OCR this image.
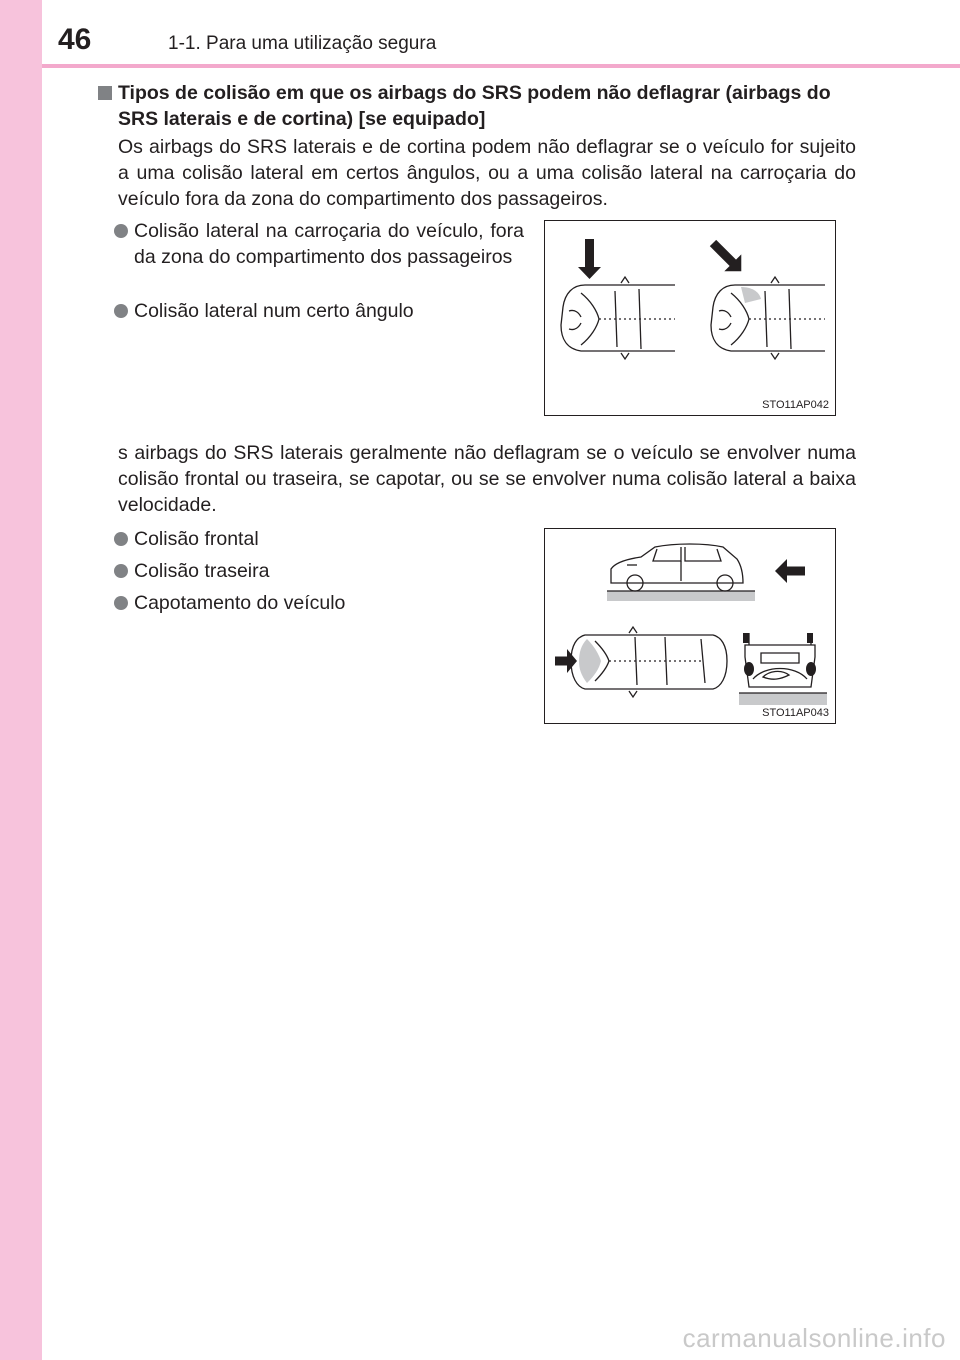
46	1-1. Para uma utilização segura
Tipos de colisão em que os airbags do SRS podem não deflagrar (airbags do SRS laterais e de cortina) [se equipado]
Os airbags do SRS laterais e de cortina podem não deflagrar se o veículo for sujeito a uma colisão lateral em certos ângulos, ou a uma colisão lateral na carroçaria do veículo fora da zona do compartimento dos passageiros.
Colisão lateral na carroçaria do veículo, fora da zona do compartimento dos passageiros
Colisão lateral num certo ângulo
STO11AP042
s airbags do SRS laterais geralmente não deflagram se o veículo se envolver numa colisão frontal ou traseira, se capotar, ou se se envolver numa colisão lateral a baixa velocidade.
Colisão frontal
Colisão traseira
Capotamento do veículo
STO11AP043
carmanualsonline.info
